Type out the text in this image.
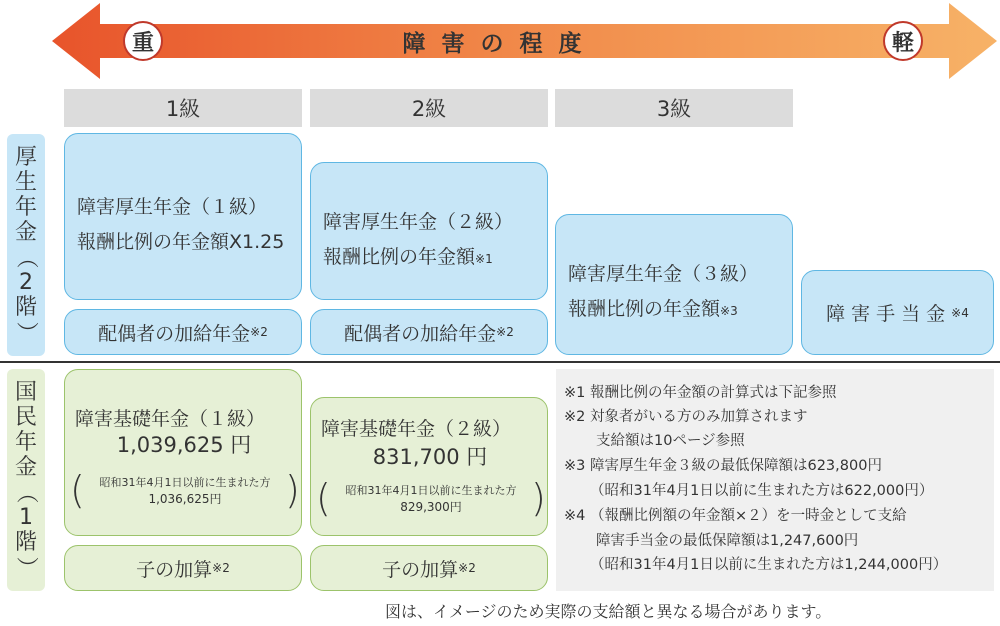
重	軽
障害の程度
1級	2級	3級
厚
生
年
金
（
2
階
）
国
民
年
金
（
1
階
）
障害厚生年金（１級）
報酬比例の年金額X1.25
障害厚生年金（２級）
報酬比例の年金額※1
障害厚生年金（３級）
報酬比例の年金額※3	障害手当金 ※4
配偶者の加給年金 ※2	配偶者の加給年金 ※2
障害基礎年金（１級）
1,039,625 円
(	昭和31年4月1日以前に生まれた方
1,036,625円	)
障害基礎年金（２級）
831,700 円
(	昭和31年4月1日以前に生まれた方
829,300円	)
子の加算 ※2	子の加算 ※2
※1 報酬比例の年金額の計算式は下記参照
※2 対象者がいる方のみ加算されます
支給額は10ページ参照
※3 障害厚生年金３級の最低保障額は623,800円
（昭和31年4月1日以前に生まれた方は622,000円）
※4 （報酬比例額の年金額×２）を一時金として支給
障害手当金の最低保障額は1,247,600円
（昭和31年4月1日以前に生まれた方は1,244,000円）
図は、イメージのため実際の支給額と異なる場合があります。
